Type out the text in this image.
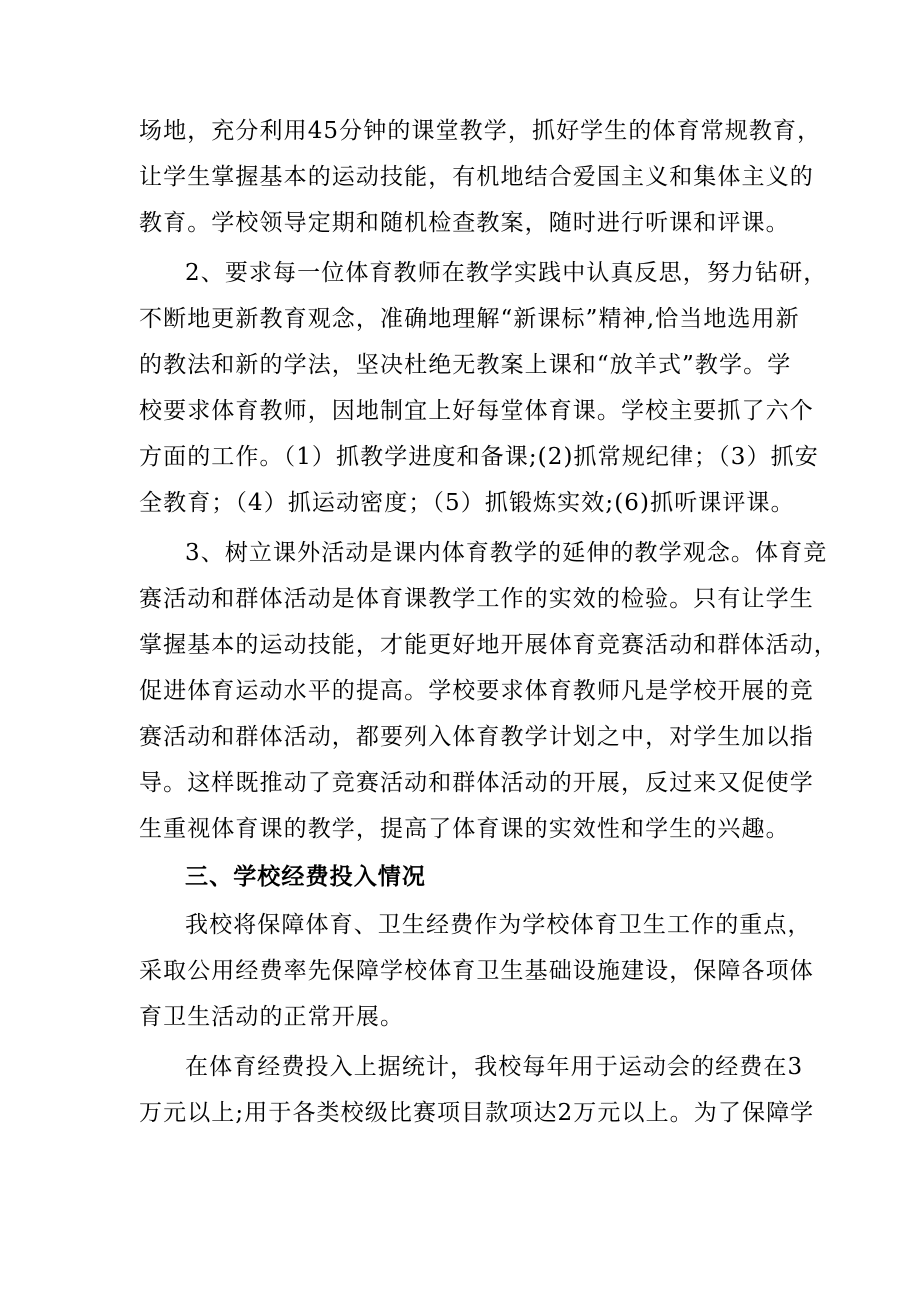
场地，充分利用45分钟的课堂教学，抓好学生的体育常规教育，
让学生掌握基本的运动技能，有机地结合爱国主义和集体主义的
教育。学校领导定期和随机检查教案，随时进行听课和评课。
2、要求每一位体育教师在教学实践中认真反思，努力钻研，
不断地更新教育观念，准确地理解“新课标”精神,恰当地选用新
的教法和新的学法，坚决杜绝无教案上课和“放羊式”教学。学
校要求体育教师，因地制宜上好每堂体育课。学校主要抓了六个
方面的工作。（1）抓教学进度和备课;(2)抓常规纪律；（3）抓安
全教育；（4）抓运动密度；（5）抓锻炼实效;(6)抓听课评课。
3、树立课外活动是课内体育教学的延伸的教学观念。体育竞
赛活动和群体活动是体育课教学工作的实效的检验。只有让学生
掌握基本的运动技能，才能更好地开展体育竞赛活动和群体活动，
促进体育运动水平的提高。学校要求体育教师凡是学校开展的竞
赛活动和群体活动，都要列入体育教学计划之中，对学生加以指
导。这样既推动了竞赛活动和群体活动的开展，反过来又促使学
生重视体育课的教学，提高了体育课的实效性和学生的兴趣。
三、学校经费投入情况
我校将保障体育、卫生经费作为学校体育卫生工作的重点，
采取公用经费率先保障学校体育卫生基础设施建设，保障各项体
育卫生活动的正常开展。
在体育经费投入上据统计，我校每年用于运动会的经费在3
万元以上;用于各类校级比赛项目款项达2万元以上。为了保障学
